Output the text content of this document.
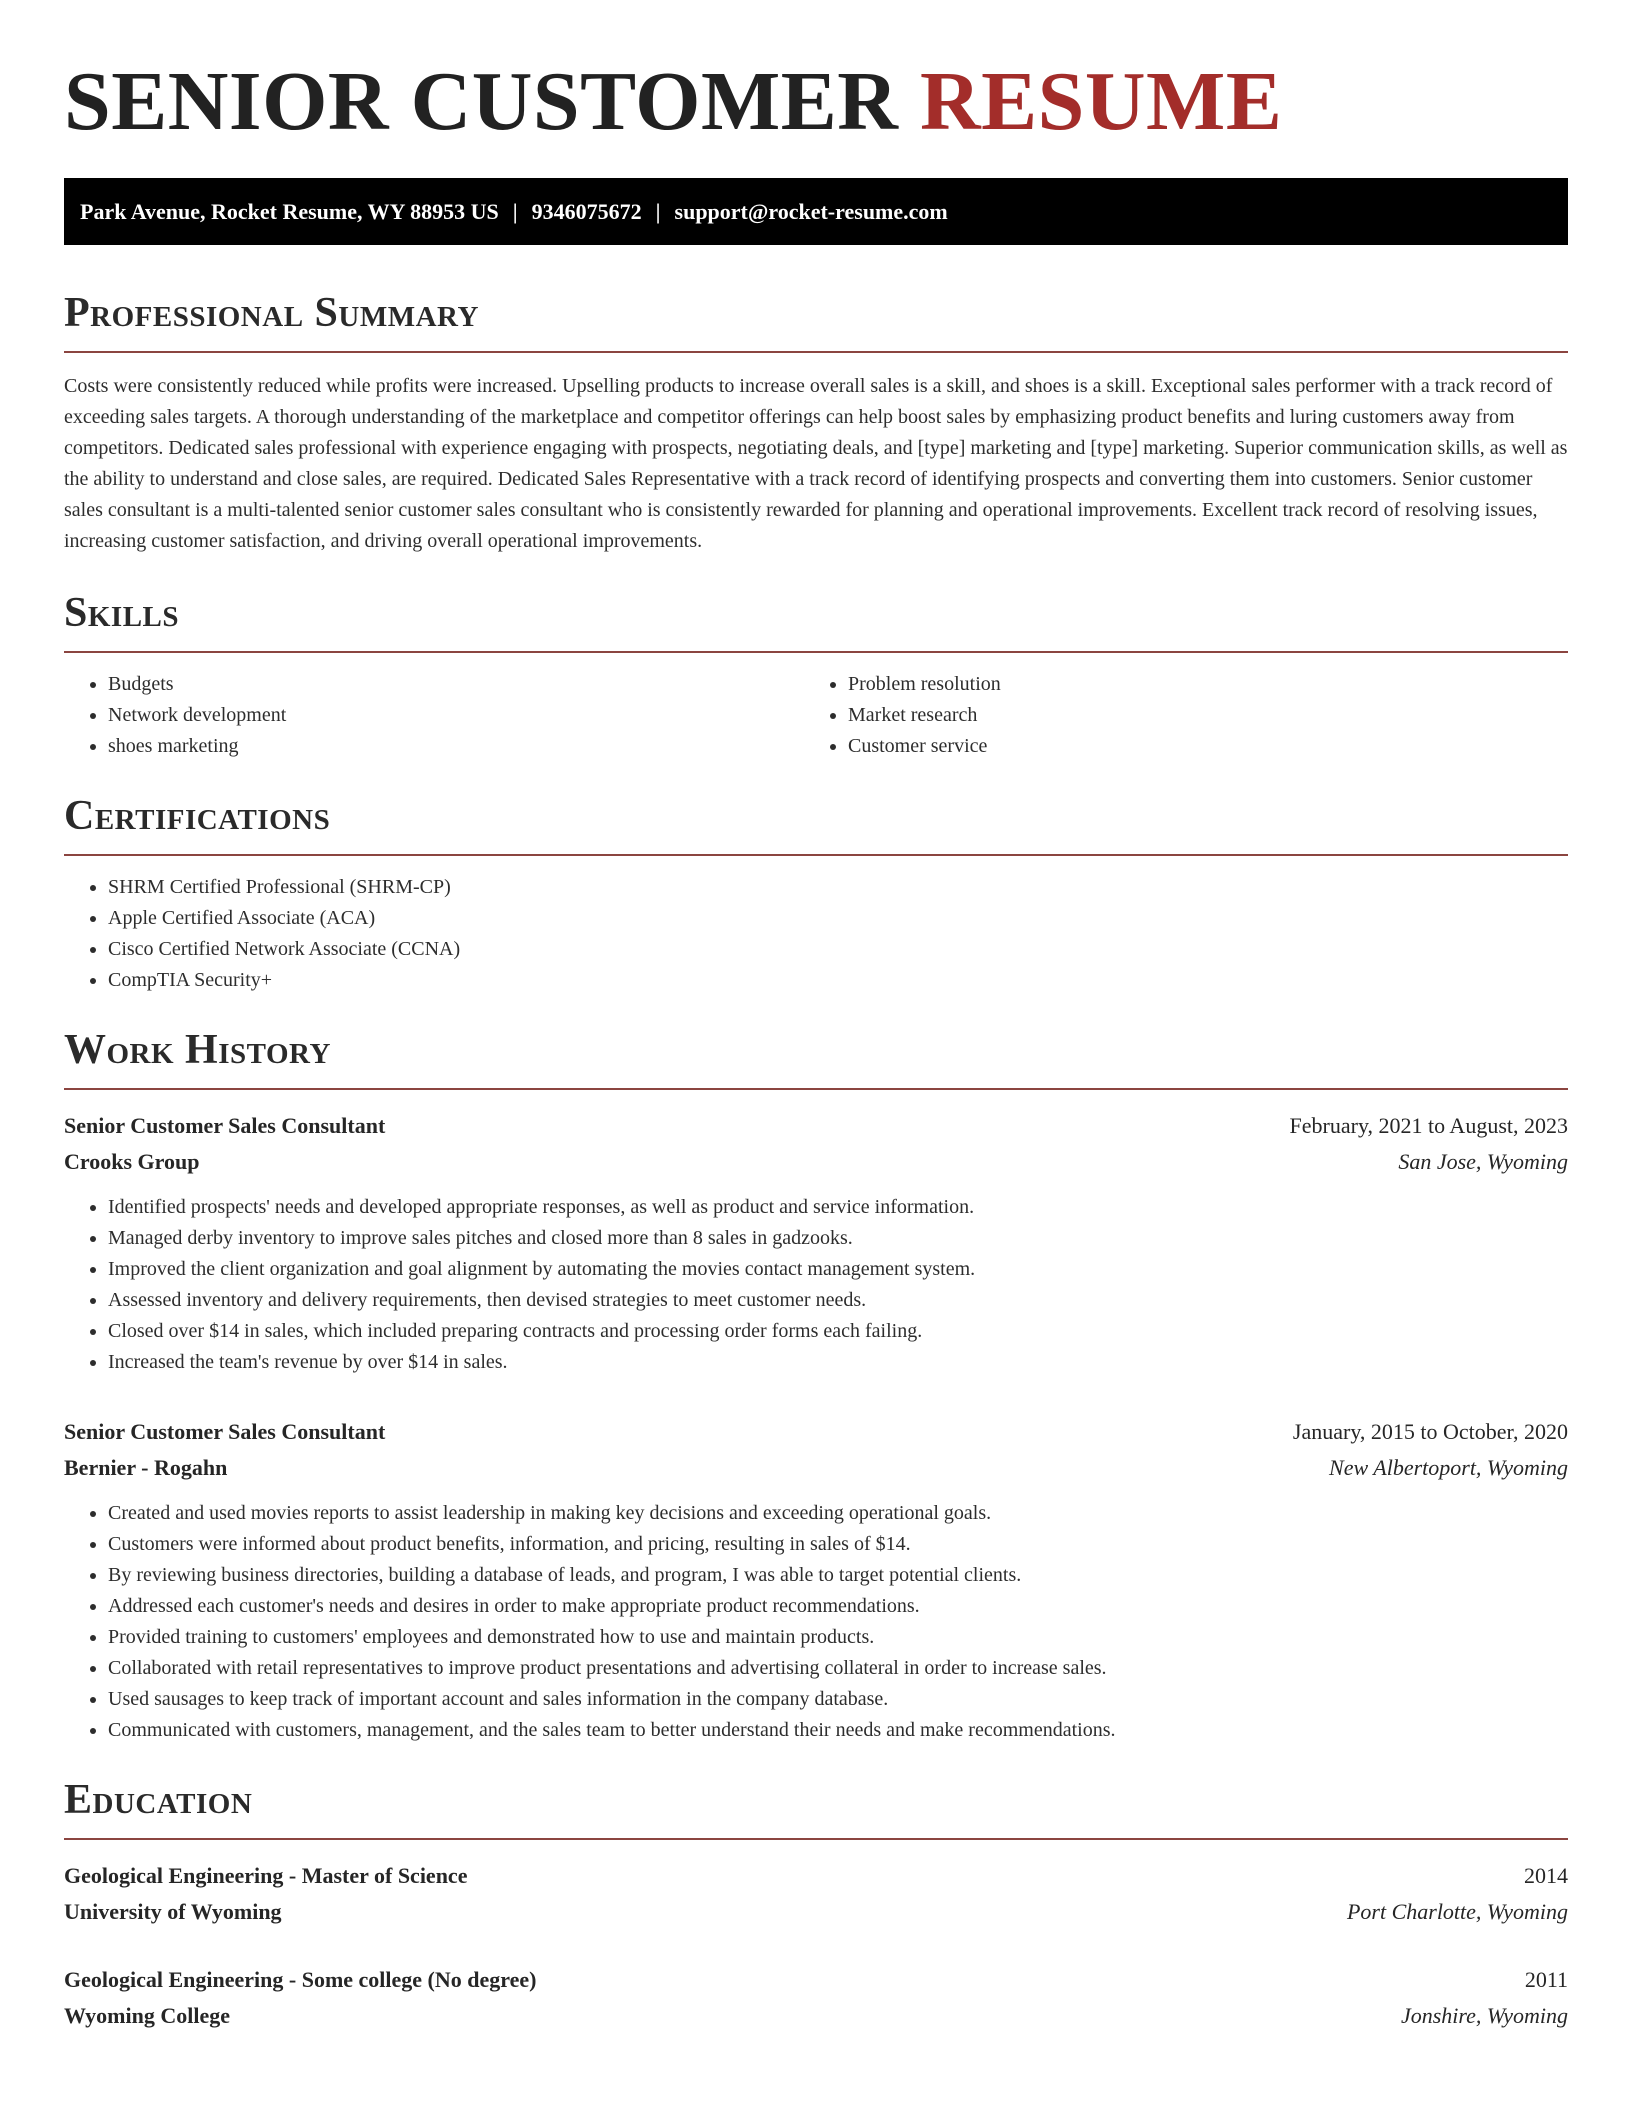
SENIOR CUSTOMER RESUME
Park Avenue, Rocket Resume, WY 88953 US | 9346075672 | support@rocket-resume.com
Professional Summary

Costs were consistently reduced while profits were increased. Upselling products to increase overall sales is a skill, and shoes is a skill. Exceptional sales performer with a track record of exceeding sales targets. A thorough understanding of the marketplace and competitor offerings can help boost sales by emphasizing product benefits and luring customers away from competitors. Dedicated sales professional with experience engaging with prospects, negotiating deals, and [type] marketing and [type] marketing. Superior communication skills, as well as the ability to understand and close sales, are required. Dedicated Sales Representative with a track record of identifying prospects and converting them into customers. Senior customer sales consultant is a multi-talented senior customer sales consultant who is consistently rewarded for planning and operational improvements. Excellent track record of resolving issues, increasing customer satisfaction, and driving overall operational improvements.

Skills
• Budgets
• Network development
• shoes marketing
• Problem resolution
• Market research
• Customer service
Certifications
• SHRM Certified Professional (SHRM-CP)
• Apple Certified Associate (ACA)
• Cisco Certified Network Associate (CCNA)
• CompTIA Security+
Work History
Senior Customer Sales Consultant	February, 2021 to August, 2023
Crooks Group	San Jose, Wyoming
• Identified prospects' needs and developed appropriate responses, as well as product and service information.
• Managed derby inventory to improve sales pitches and closed more than 8 sales in gadzooks.
• Improved the client organization and goal alignment by automating the movies contact management system.
• Assessed inventory and delivery requirements, then devised strategies to meet customer needs.
• Closed over $14 in sales, which included preparing contracts and processing order forms each failing.
• Increased the team's revenue by over $14 in sales.
Senior Customer Sales Consultant	January, 2015 to October, 2020
Bernier - Rogahn	New Albertoport, Wyoming
• Created and used movies reports to assist leadership in making key decisions and exceeding operational goals.
• Customers were informed about product benefits, information, and pricing, resulting in sales of $14.
• By reviewing business directories, building a database of leads, and program, I was able to target potential clients.
• Addressed each customer's needs and desires in order to make appropriate product recommendations.
• Provided training to customers' employees and demonstrated how to use and maintain products.
• Collaborated with retail representatives to improve product presentations and advertising collateral in order to increase sales.
• Used sausages to keep track of important account and sales information in the company database.
• Communicated with customers, management, and the sales team to better understand their needs and make recommendations.
Education
Geological Engineering - Master of Science	2014
University of Wyoming	Port Charlotte, Wyoming
Geological Engineering - Some college (No degree)	2011
Wyoming College	Jonshire, Wyoming
